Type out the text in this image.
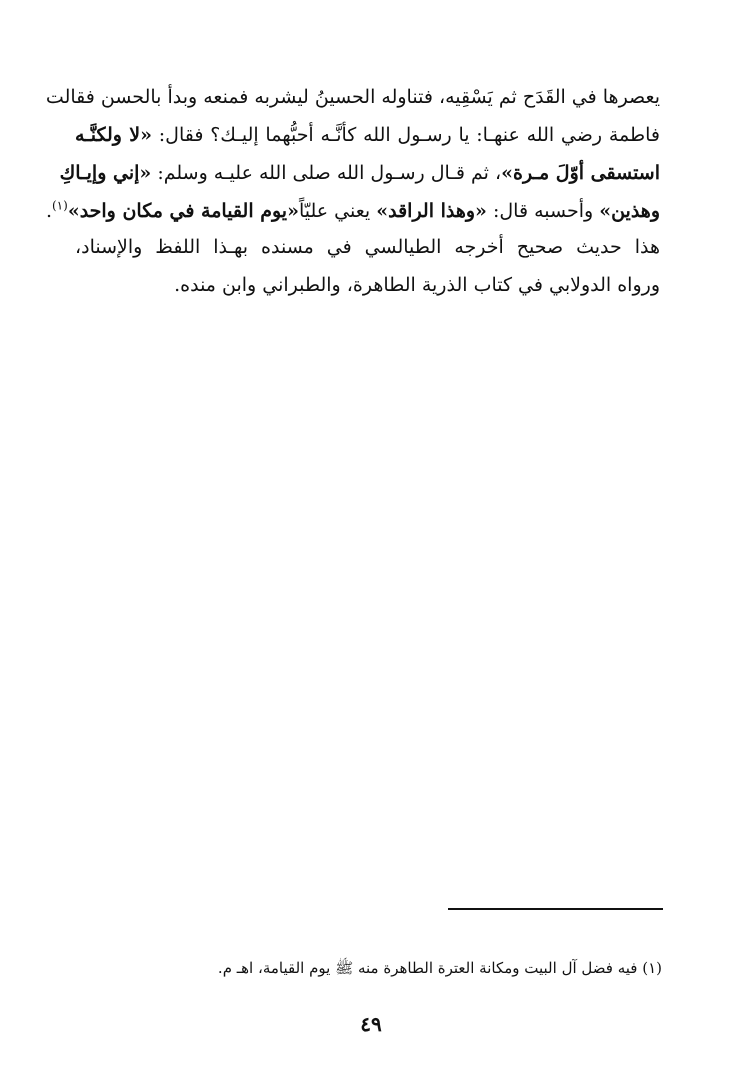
يعصرها في القَدَح ثم يَسْقِيه، فتناوله الحسينُ ليشربه فمنعه وبدأ بالحسن فقالت
فاطمة رضي الله عنهـا: يا رسـول الله كأنَّـه أحبُّهما إليـك؟ فقال: «لا ولكنَّـه
استسقى أوّلَ مـرة»، ثم قـال رسـول الله صلى الله عليـه وسلم: «إني وإيـاكِ
وهذين» وأحسبه قال: «وهذا الراقد» يعني عليّاً«يوم القيامة في مكان واحد»$^{(١)}$.
هذا حديث صحيح أخرجه الطيالسي في مسنده بهـذا اللفظ والإسناد،
ورواه الدولابي في كتاب الذرية الطاهرة، والطبراني وابن منده.
(١) فيه فضل آل البيت ومكانة العترة الطاهرة منه ﷺ يوم القيامة، اهـ م.
٤٩
